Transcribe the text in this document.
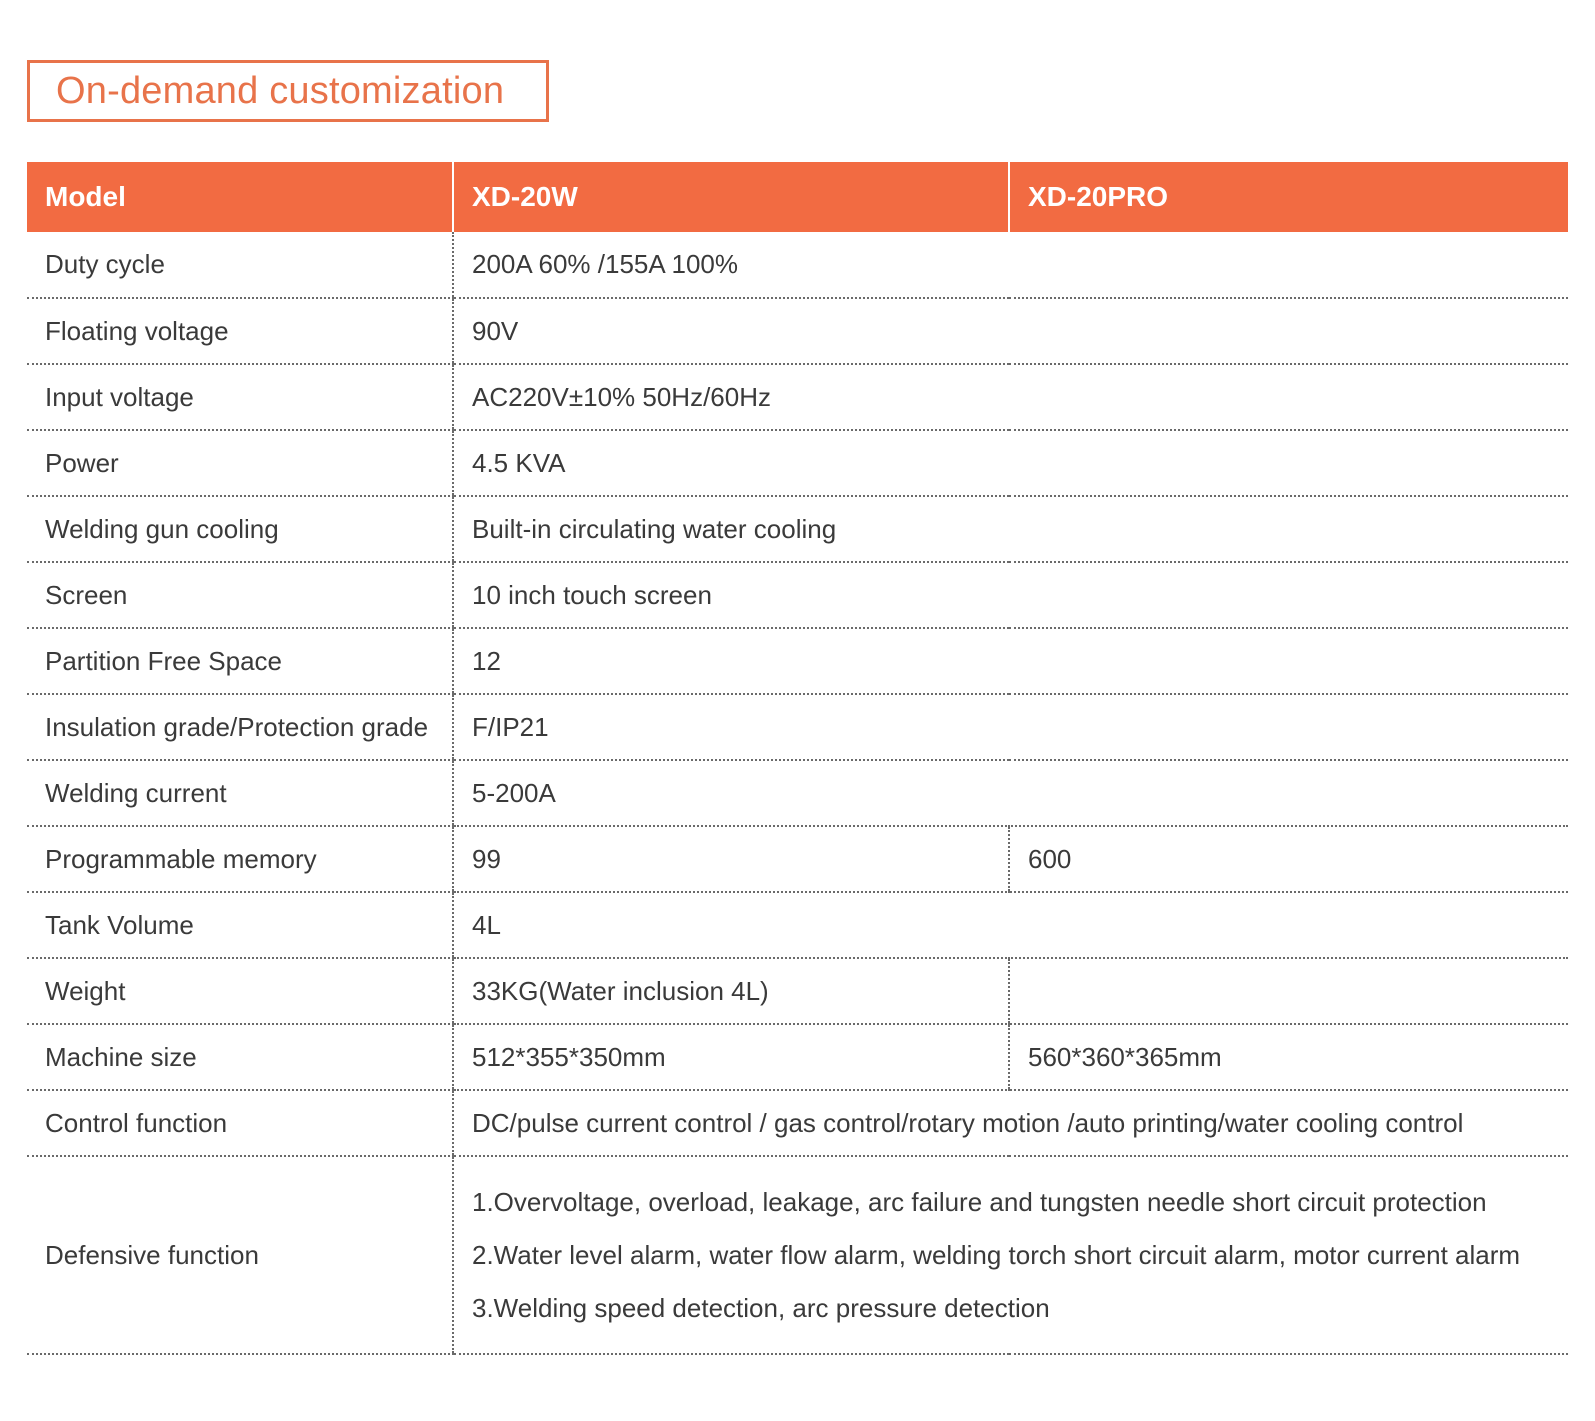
On-demand customization
Model	XD-20W	XD-20PRO
Duty cycle	200A 60% /155A 100%	
Floating voltage	90V	
Input voltage	AC220V±10% 50Hz/60Hz	
Power	4.5 KVA	
Welding gun cooling	Built-in circulating water cooling	
Screen	10 inch touch screen	
Partition Free Space	12	
Insulation grade/Protection grade	F/IP21	
Welding current	5-200A	
Programmable memory	99	600
Tank Volume	4L	
Weight	33KG(Water inclusion 4L)	
Machine size	512*355*350mm	560*360*365mm
Control function	DC/pulse current control / gas control/rotary motion /auto printing/water cooling control	
Defensive function	1.Overvoltage, overload, leakage, arc failure and tungsten needle short circuit protection
2.Water level alarm, water flow alarm, welding torch short circuit alarm, motor current alarm
3.Welding speed detection, arc pressure detection	
